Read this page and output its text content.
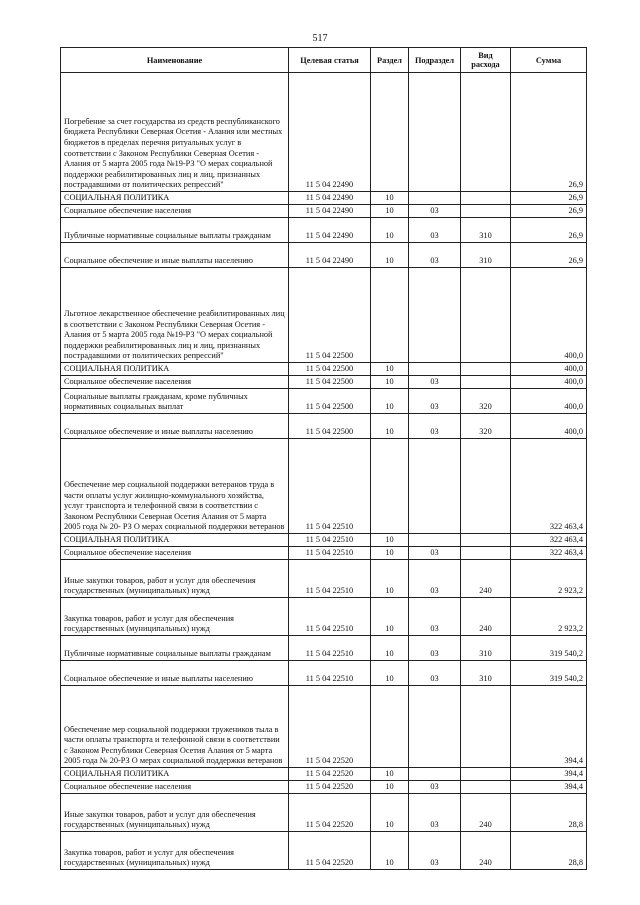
517
Наименование	Целевая статья	Раздел	Подраздел	Вид расхода	Сумма
Погребение за счет государства из средств республиканского бюджета Республики Северная Осетия - Алания или местных бюджетов в пределах перечня ритуальных услуг в соответствии с Законом Республики Северная Осетия - Алания от 5 марта 2005 года №19-РЗ "О мерах социальной поддержки реабилитированных лиц и лиц, признанных пострадавшими от политических репрессий"	11 5 04 22490				26,9
СОЦИАЛЬНАЯ ПОЛИТИКА	11 5 04 22490	10			26,9
Социальное обеспечение населения	11 5 04 22490	10	03		26,9
Публичные нормативные социальные выплаты гражданам	11 5 04 22490	10	03	310	26,9
Социальное обеспечение и иные выплаты населению	11 5 04 22490	10	03	310	26,9
Льготное лекарственное обеспечение реабилитированных лиц в соответствии с Законом Республики Северная Осетия - Алания от 5 марта 2005 года №19-РЗ "О мерах социальной поддержки реабилитированных лиц и лиц, признанных пострадавшими от политических репрессий"	11 5 04 22500				400,0
СОЦИАЛЬНАЯ ПОЛИТИКА	11 5 04 22500	10			400,0
Социальное обеспечение населения	11 5 04 22500	10	03		400,0
Социальные выплаты гражданам, кроме публичных нормативных социальных выплат	11 5 04 22500	10	03	320	400,0
Социальное обеспечение и иные выплаты населению	11 5 04 22500	10	03	320	400,0
Обеспечение мер социальной поддержки ветеранов труда в части оплаты услуг жилищно-коммунального хозяйства, услуг транспорта и телефонной связи в соответствии с Законом Республики Северная Осетия Алания от 5 марта 2005 года № 20- РЗ О мерах социальной поддержки ветеранов	11 5 04 22510				322 463,4
СОЦИАЛЬНАЯ ПОЛИТИКА	11 5 04 22510	10			322 463,4
Социальное обеспечение населения	11 5 04 22510	10	03		322 463,4
Иные закупки товаров, работ и услуг для обеспечения государственных (муниципальных) нужд	11 5 04 22510	10	03	240	2 923,2
Закупка товаров, работ и услуг для обеспечения государственных (муниципальных) нужд	11 5 04 22510	10	03	240	2 923,2
Публичные нормативные социальные выплаты гражданам	11 5 04 22510	10	03	310	319 540,2
Социальное обеспечение и иные выплаты населению	11 5 04 22510	10	03	310	319 540,2
Обеспечение мер социальной поддержки тружеников тыла в части оплаты транспорта и телефонной связи в соответствии с Законом Республики Северная Осетия Алания от 5 марта 2005 года № 20-РЗ О мерах социальной поддержки ветеранов	11 5 04 22520				394,4
СОЦИАЛЬНАЯ ПОЛИТИКА	11 5 04 22520	10			394,4
Социальное обеспечение населения	11 5 04 22520	10	03		394,4
Иные закупки товаров, работ и услуг для обеспечения государственных (муниципальных) нужд	11 5 04 22520	10	03	240	28,8
Закупка товаров, работ и услуг для обеспечения государственных (муниципальных) нужд	11 5 04 22520	10	03	240	28,8
